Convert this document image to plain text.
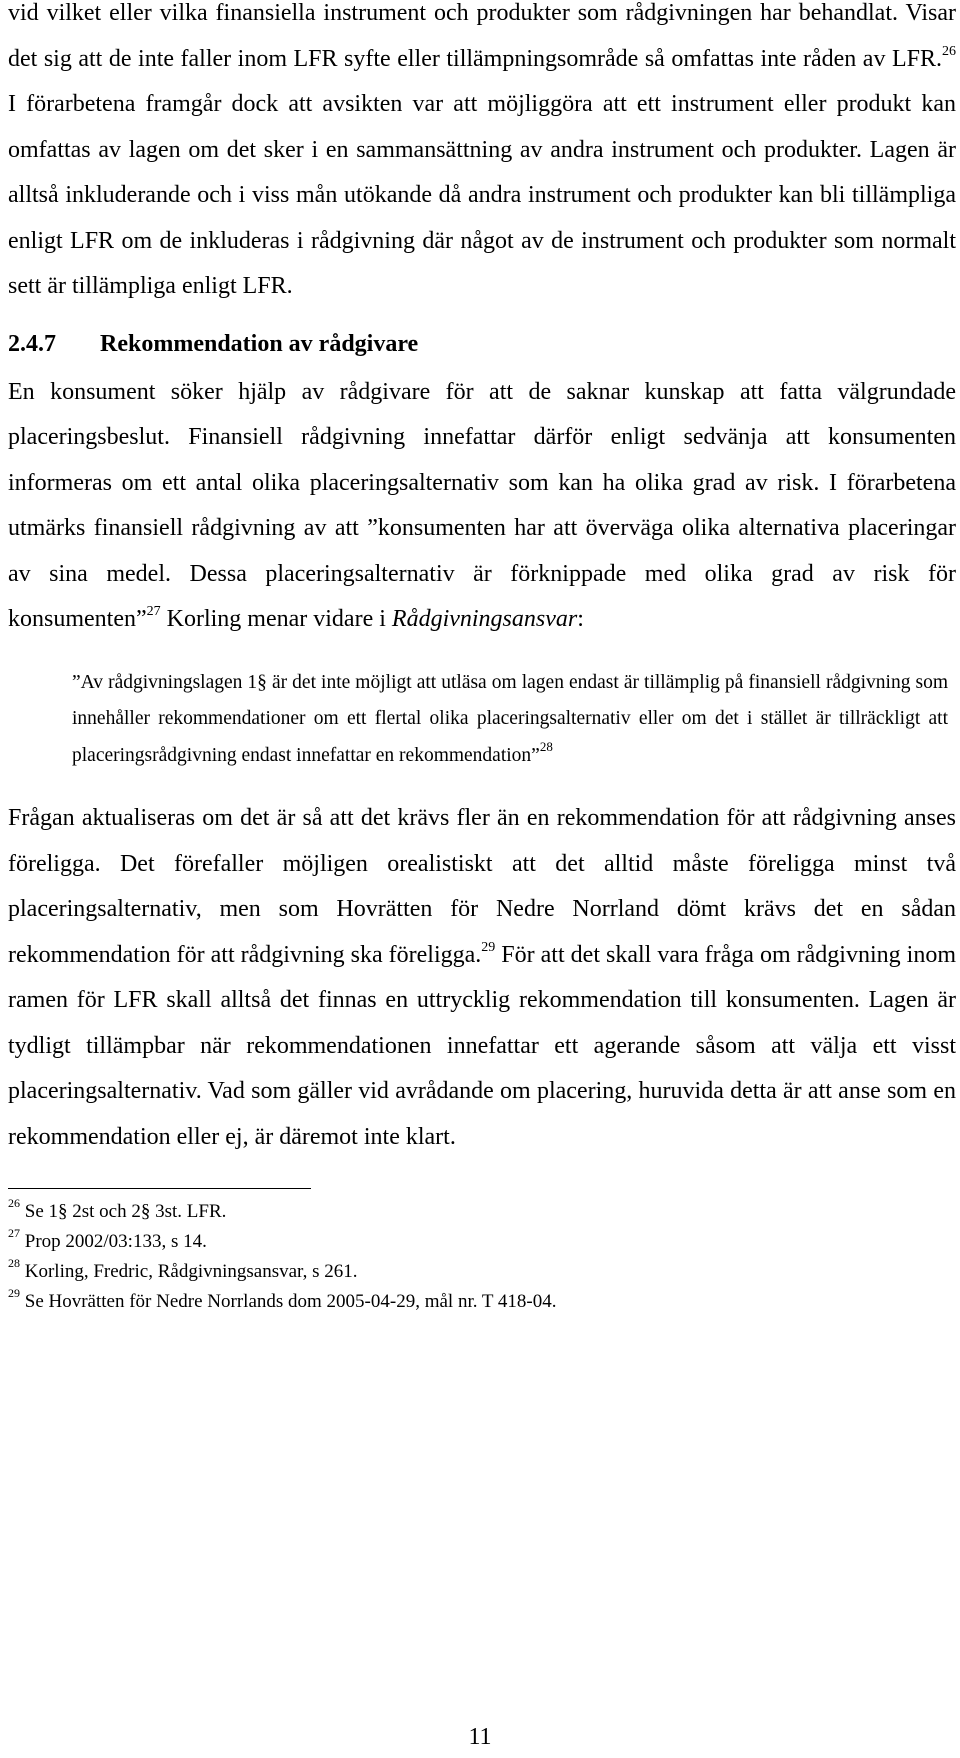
vid vilket eller vilka finansiella instrument och produkter som rådgivningen har behandlat. Visar det sig att de inte faller inom LFR syfte eller tillämpningsområde så omfattas inte råden av LFR.$^{26}$ I förarbetena framgår dock att avsikten var att möjliggöra att ett instrument eller produkt kan omfattas av lagen om det sker i en sammansättning av andra instrument och produkter. Lagen är alltså inkluderande och i viss mån utökande då andra instrument och produkter kan bli tillämpliga enligt LFR om de inkluderas i rådgivning där något av de instrument och produkter som normalt sett är tillämpliga enligt LFR.

2.4.7 Rekommendation av rådgivare

En konsument söker hjälp av rådgivare för att de saknar kunskap att fatta välgrundade placeringsbeslut. Finansiell rådgivning innefattar därför enligt sedvänja att konsumenten informeras om ett antal olika placeringsalternativ som kan ha olika grad av risk. I förarbetena utmärks finansiell rådgivning av att ”konsumenten har att överväga olika alternativa placeringar av sina medel. Dessa placeringsalternativ är förknippade med olika grad av risk för konsumenten”$^{27}$ Korling menar vidare i Rådgivningsansvar:

”Av rådgivningslagen 1§ är det inte möjligt att utläsa om lagen endast är tillämplig på finansiell rådgivning som innehåller rekommendationer om ett flertal olika placeringsalternativ eller om det i stället är tillräckligt att placeringsrådgivning endast innefattar en rekommendation”$^{28}$

Frågan aktualiseras om det är så att det krävs fler än en rekommendation för att rådgivning anses föreligga. Det förefaller möjligen orealistiskt att det alltid måste föreligga minst två placeringsalternativ, men som Hovrätten för Nedre Norrland dömt krävs det en sådan rekommendation för att rådgivning ska föreligga.$^{29}$ För att det skall vara fråga om rådgivning inom ramen för LFR skall alltså det finnas en uttrycklig rekommendation till konsumenten. Lagen är tydligt tillämpbar när rekommendationen innefattar ett agerande såsom att välja ett visst placeringsalternativ. Vad som gäller vid avrådande om placering, huruvida detta är att anse som en rekommendation eller ej, är däremot inte klart.

$^{26}$ Se 1§ 2st och 2§ 3st. LFR.

$^{27}$ Prop 2002/03:133, s 14.

$^{28}$ Korling, Fredric, Rådgivningsansvar, s 261.

$^{29}$ Se Hovrätten för Nedre Norrlands dom 2005-04-29, mål nr. T 418-04.

11
